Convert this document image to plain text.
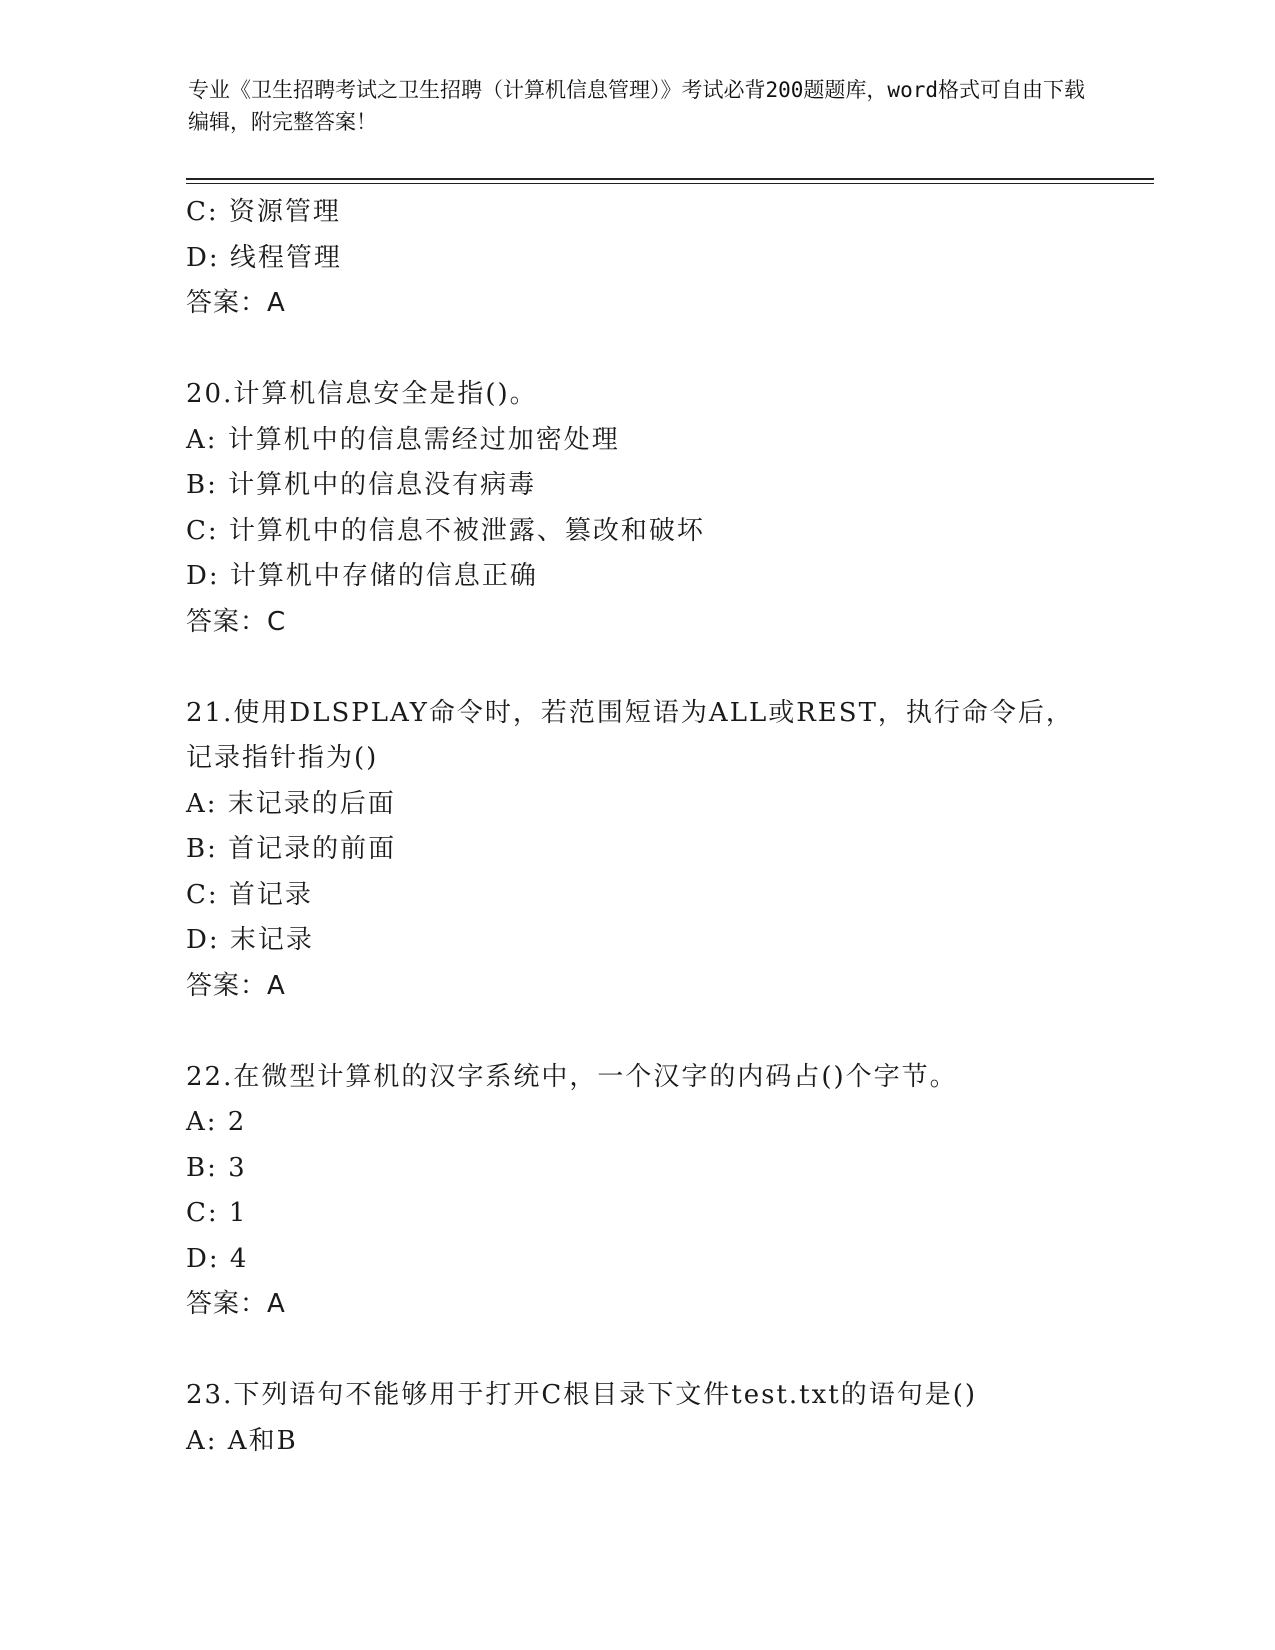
专业《卫生招聘考试之卫生招聘（计算机信息管理）》考试必背200题题库，word格式可自由下载编辑，附完整答案！
C: 资源管理
D: 线程管理
答案：A
20.计算机信息安全是指()。
A: 计算机中的信息需经过加密处理
B: 计算机中的信息没有病毒
C: 计算机中的信息不被泄露、篡改和破坏
D: 计算机中存储的信息正确
答案：C
21.使用DLSPLAY命令时，若范围短语为ALL或REST，执行命令后，记录指针指为()
A: 末记录的后面
B: 首记录的前面
C: 首记录
D: 末记录
答案：A
22.在微型计算机的汉字系统中，一个汉字的内码占()个字节。
A: 2
B: 3
C: 1
D: 4
答案：A
23.下列语句不能够用于打开C根目录下文件test.txt的语句是()
A: A和B
